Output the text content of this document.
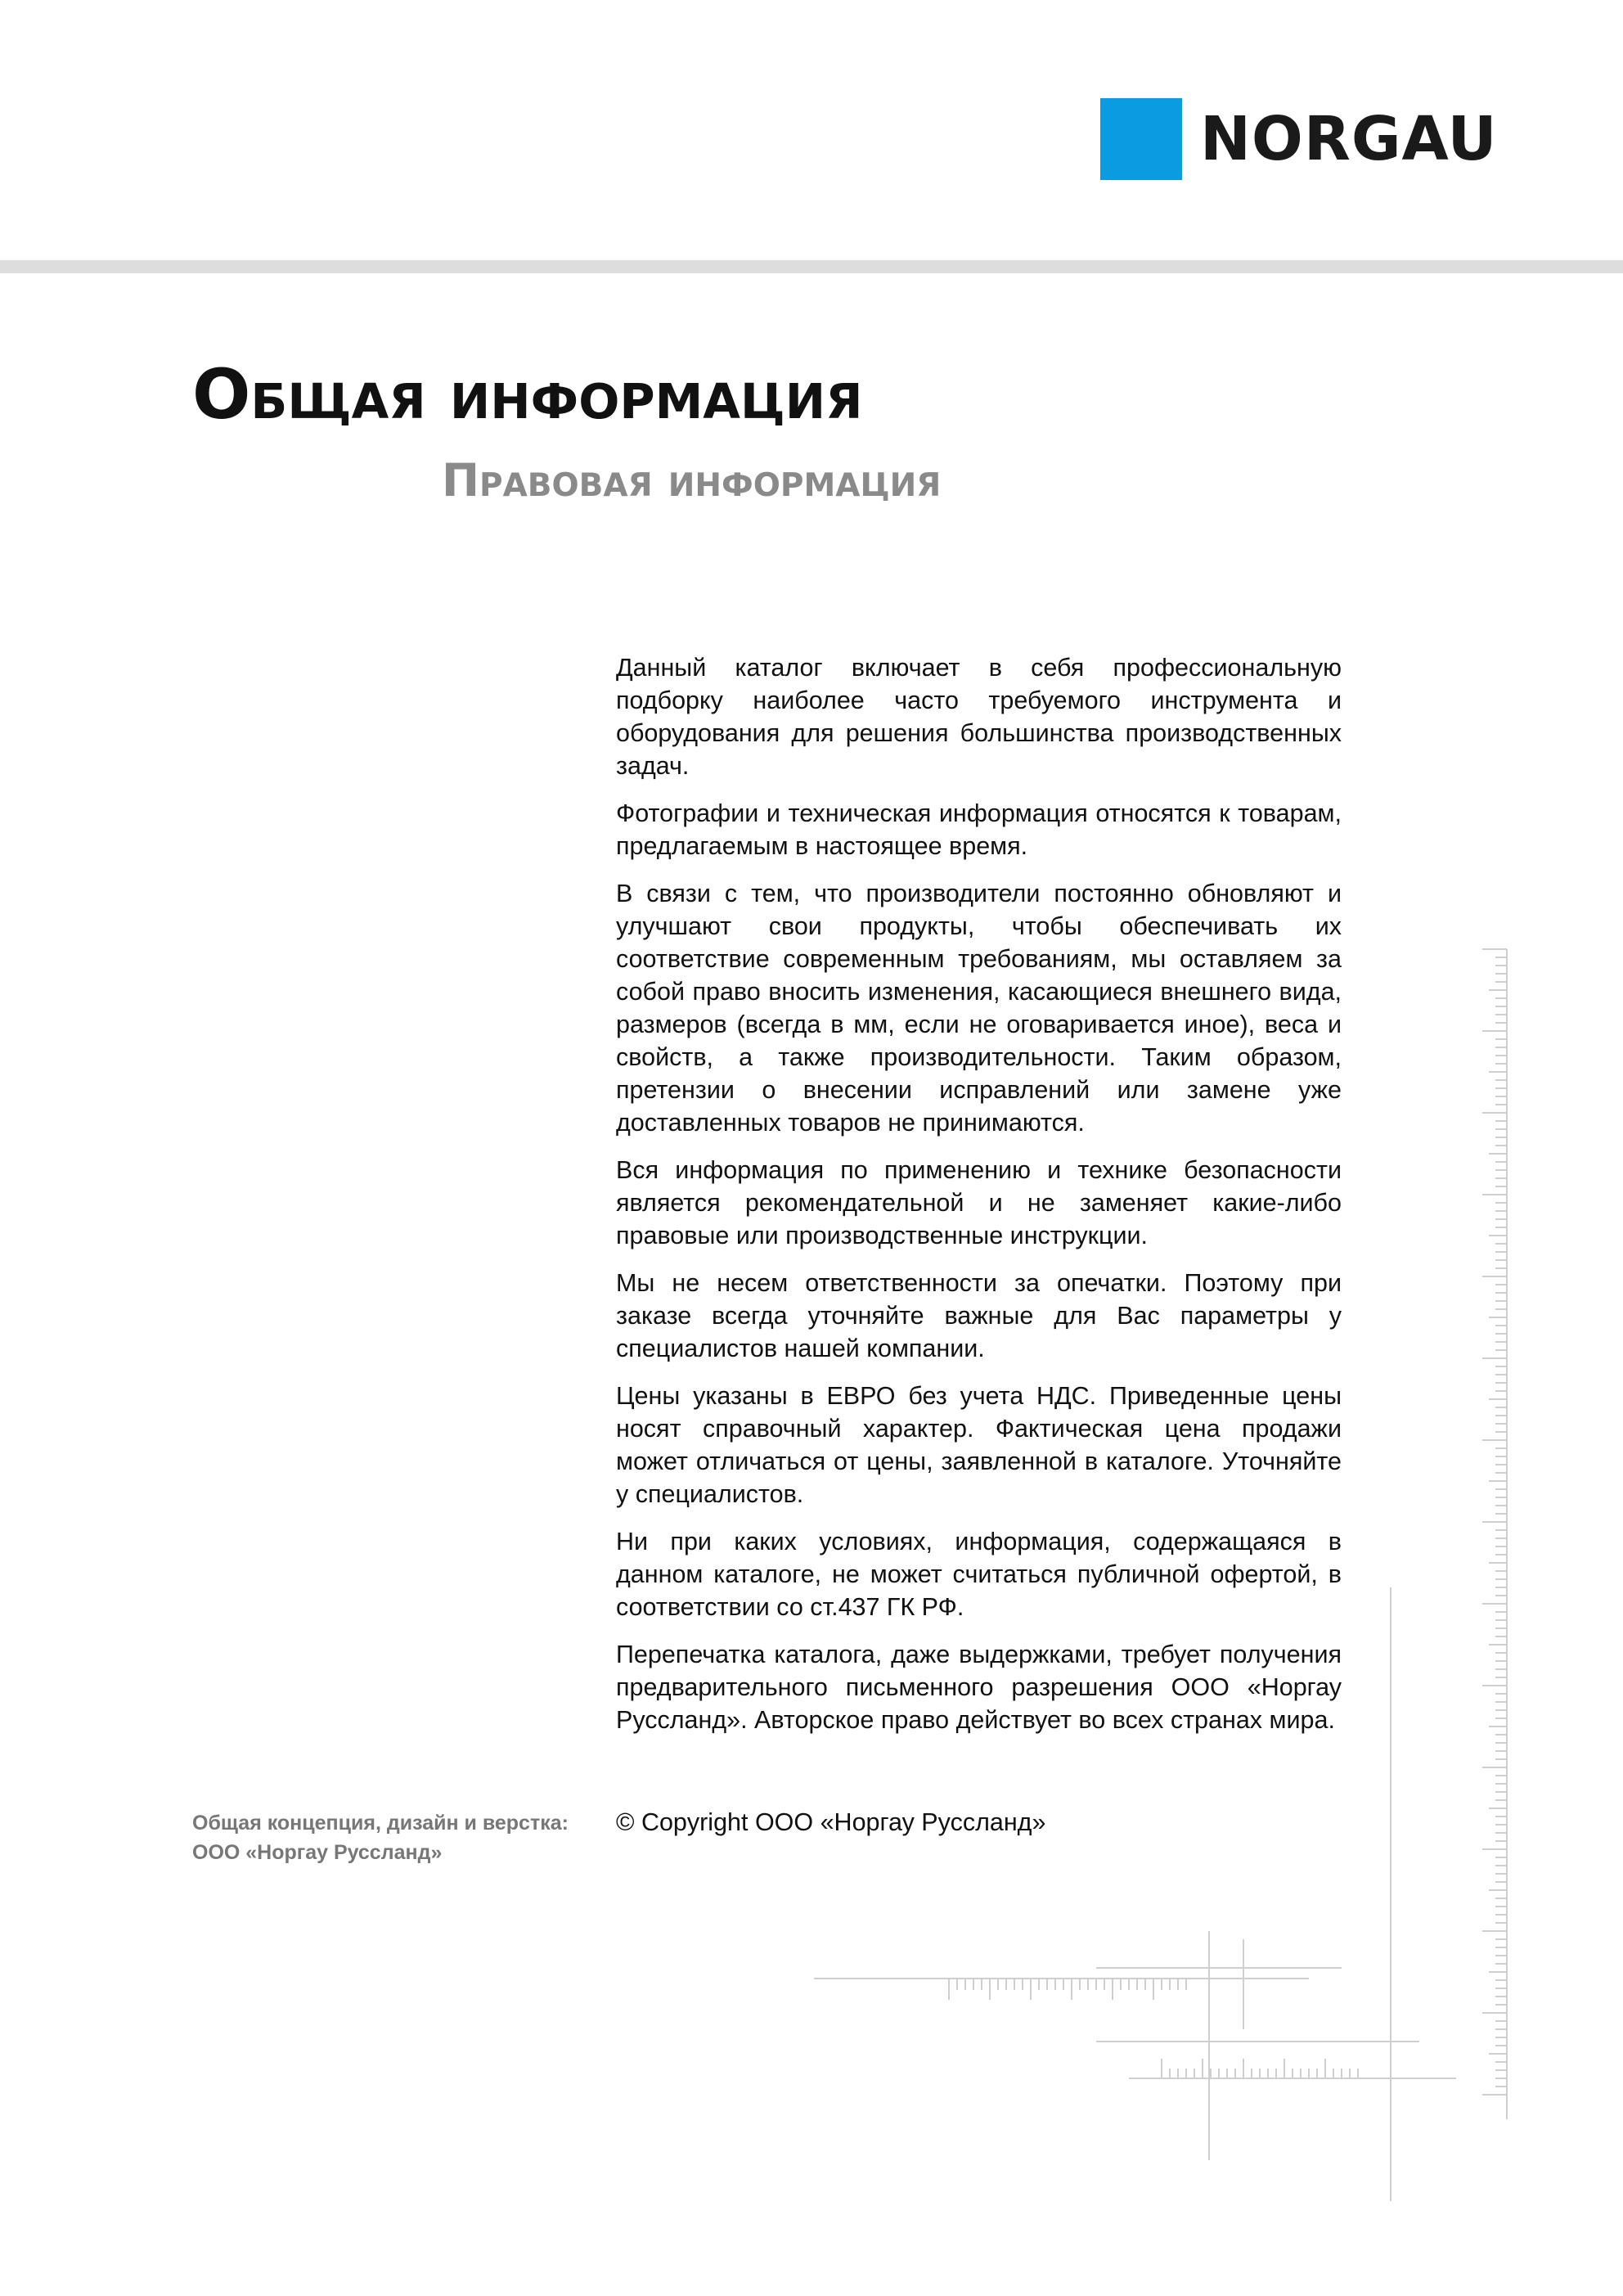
NORGAU
Общая информация
Правовая информация

Данный каталог включает в себя профессиональную подборку наиболее часто требуемого инструмента и оборудования для решения большинства производственных задач.

Фотографии и техническая информация относятся к товарам, предлагаемым в настоящее время.

В связи с тем, что производители постоянно обновляют и улучшают свои продукты, чтобы обеспечивать их соответствие современным требованиям, мы оставляем за собой право вносить изменения, касающиеся внешнего вида, размеров (всегда в мм, если не оговаривается иное), веса и свойств, а также производительности. Таким образом, претензии о внесении исправлений или замене уже доставленных товаров не принимаются.

Вся информация по применению и технике безопасности является рекомендательной и не заменяет какие-либо правовые или производственные инструкции.

Мы не несем ответственности за опечатки. Поэтому при заказе всегда уточняйте важные для Вас параметры у специалистов нашей компании.

Цены указаны в ЕВРО без учета НДС. Приведенные цены носят справочный характер. Фактическая цена продажи может отличаться от цены, заявленной в каталоге. Уточняйте у специалистов.

Ни при каких условиях, информация, содержащаяся в данном каталоге, не может считаться публичной офертой, в соответствии со ст.437 ГК РФ.

Перепечатка каталога, даже выдержками, требует получения предварительного письменного разрешения ООО «Норгау Руссланд». Авторское право действует во всех странах мира.

Общая концепция, дизайн и верстка:
ООО «Норгау Руссланд»
© Copyright ООО «Норгау Руссланд»
